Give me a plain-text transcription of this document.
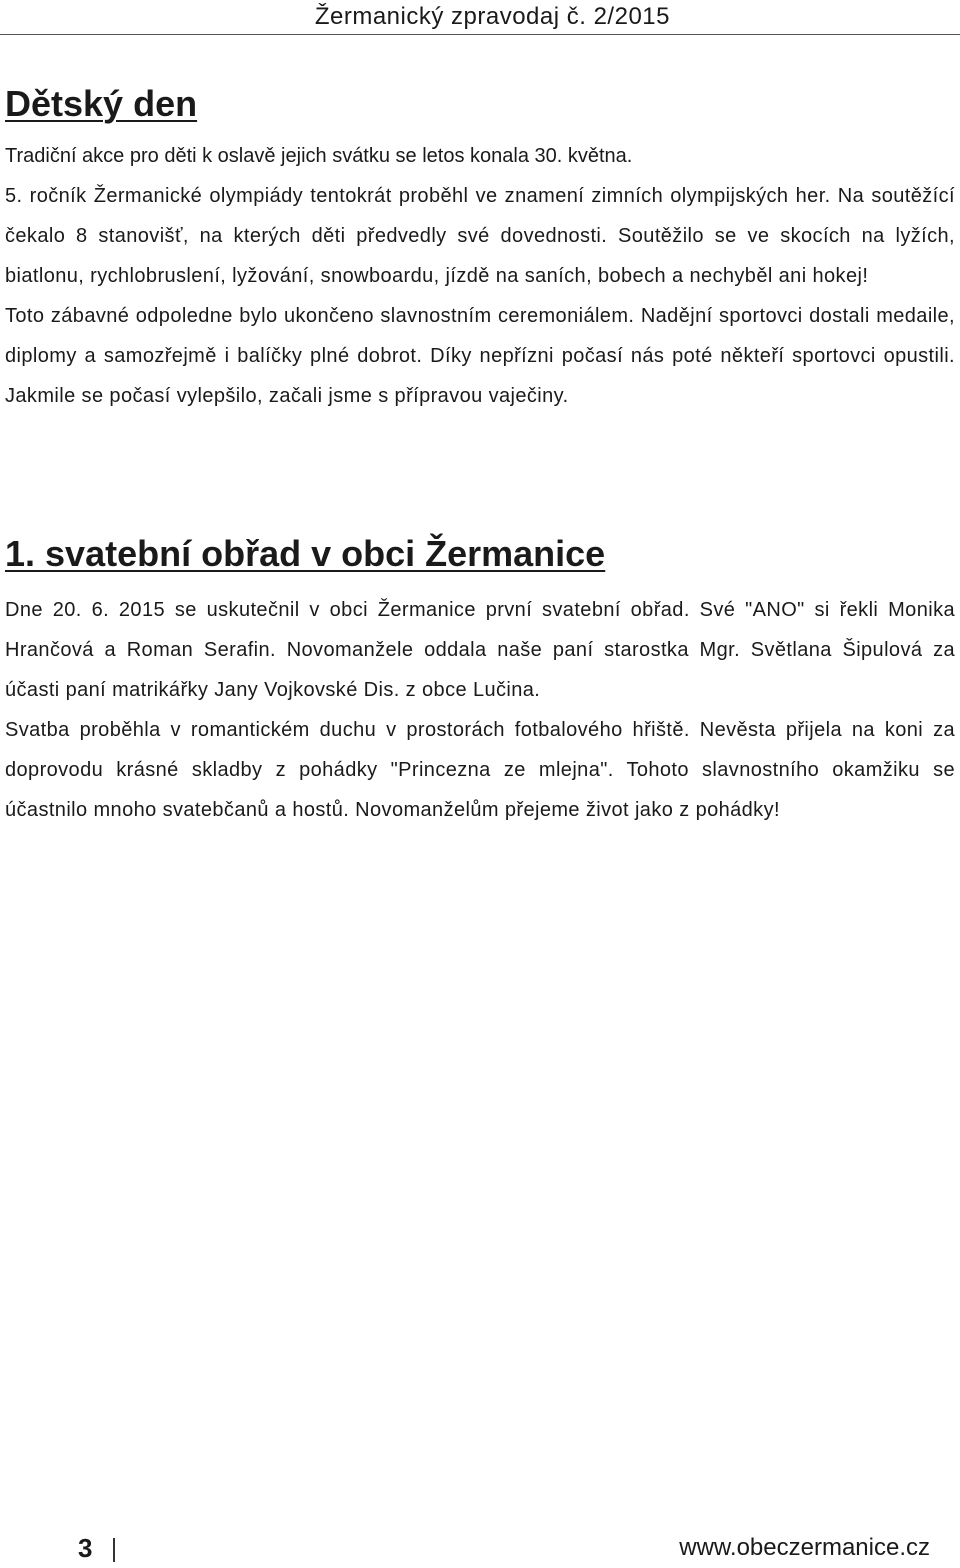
Žermanický zpravodaj č. 2/2015
Dětský den

Tradiční akce pro děti k oslavě jejich svátku se letos konala 30. května.

5. ročník Žermanické olympiády tentokrát proběhl ve znamení zimních olympijských her. Na soutěžící čekalo 8 stanovišť, na kterých děti předvedly své dovednosti. Soutěžilo se ve skocích na lyžích, biatlonu, rychlobruslení, lyžování, snowboardu, jízdě na saních, bobech a nechyběl ani hokej!

Toto zábavné odpoledne bylo ukončeno slavnostním ceremoniálem. Nadějní sportovci dostali medaile, diplomy a samozřejmě i balíčky plné dobrot. Díky nepřízni počasí nás poté někteří sportovci opustili. Jakmile se počasí vylepšilo, začali jsme s přípravou vaječiny.

1. svatební obřad v obci Žermanice

Dne 20. 6. 2015 se uskutečnil v obci Žermanice první svatební obřad. Své "ANO" si řekli Monika Hrančová a Roman Serafin. Novomanžele oddala naše paní starostka Mgr. Světlana Šipulová za účasti paní matrikářky Jany Vojkovské Dis. z obce Lučina.

Svatba proběhla v romantickém duchu v prostorách fotbalového hřiště. Nevěsta přijela na koni za doprovodu krásné skladby z pohádky "Princezna ze mlejna". Tohoto slavnostního okamžiku se účastnilo mnoho svatebčanů a hostů. Novomanželům přejeme život jako z pohádky!

3	www.obeczermanice.cz
